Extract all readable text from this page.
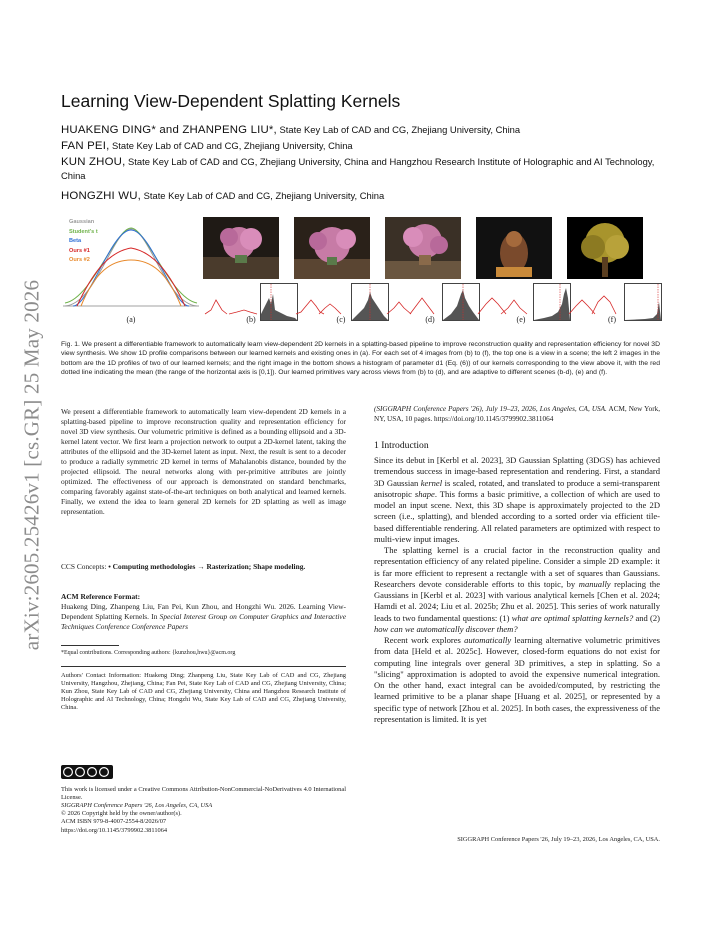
arXiv:2605.25426v1 [cs.GR] 25 May 2026
Learning View-Dependent Splatting Kernels
HUAKENG DING* and ZHANPENG LIU*, State Key Lab of CAD and CG, Zhejiang University, China
FAN PEI, State Key Lab of CAD and CG, Zhejiang University, China
KUN ZHOU, State Key Lab of CAD and CG, Zhejiang University, China and Hangzhou Research Institute of Holographic and AI Technology, China
HONGZHI WU, State Key Lab of CAD and CG, Zhejiang University, China
Gaussian
Student's t
Beta
Ours #1
Ours #2
(a)	(b)	(c)	(d)	(e)	(f)
Fig. 1. We present a differentiable framework to automatically learn view-dependent 2D kernels in a splatting-based pipeline to improve reconstruction quality and representation efficiency for novel 3D view synthesis. We show 1D profile comparisons between our learned kernels and existing ones in (a). For each set of 4 images from (b) to (f), the top one is a view in a scene; the left 2 images in the bottom are the 1D profiles of two of our learned kernels; and the right image in the bottom shows a histogram of parameter d1 (Eq. (6)) of our kernels corresponding to the view above it, with the red dotted line indicating the mean (the range of the horizontal axis is [0,1]). Our learned primitives vary across views from (b) to (d), and are adaptive to different scenes (b-d), (e) and (f).
We present a differentiable framework to automatically learn view-dependent 2D kernels in a splatting-based pipeline to improve reconstruction quality and representation efficiency for novel 3D view synthesis. Our volumetric primitive is defined as a bounding ellipsoid and a 3D-kernel latent vector. We first learn a projection network to output a 2D-kernel latent, taking the attributes of the ellipsoid and the 3D-kernel latent as input. Next, the result is sent to a decoder to produce a radially symmetric 2D kernel in terms of Mahalanobis distance, bounded by the projected ellipsoid. The neural networks along with per-primitive attributes are jointly optimized. The effectiveness of our approach is demonstrated on standard benchmarks, comparing favorably against state-of-the-art techniques on both analytical and learned kernels. Finally, we extend the idea to learn general 2D kernels for 2D splatting as well as image representation.
CCS Concepts: • Computing methodologies → Rasterization; Shape modeling.
ACM Reference Format:
Huakeng Ding, Zhanpeng Liu, Fan Pei, Kun Zhou, and Hongzhi Wu. 2026. Learning View-Dependent Splatting Kernels. In Special Interest Group on Computer Graphics and Interactive Techniques Conference Conference Papers
*Equal contributions. Corresponding authors: {kunzhou,hwu}@acm.org
Authors' Contact Information: Huakeng Ding; Zhanpeng Liu, State Key Lab of CAD and CG, Zhejiang University, Hangzhou, Zhejiang, China; Fan Pei, State Key Lab of CAD and CG, Zhejiang University, China; Kun Zhou, State Key Lab of CAD and CG, Zhejiang University, China and Hangzhou Research Institute of Holographic and AI Technology, China; Hongzhi Wu, State Key Lab of CAD and CG, Zhejiang University, China.
This work is licensed under a Creative Commons Attribution-NonCommercial-NoDerivatives 4.0 International License.
SIGGRAPH Conference Papers '26, Los Angeles, CA, USA
© 2026 Copyright held by the owner/author(s).
ACM ISBN 979-8-4007-2554-8/2026/07
https://doi.org/10.1145/3799902.3811064
(SIGGRAPH Conference Papers '26), July 19–23, 2026, Los Angeles, CA, USA. ACM, New York, NY, USA, 10 pages. https://doi.org/10.1145/3799902.3811064
1 Introduction

Since its debut in [Kerbl et al. 2023], 3D Gaussian Splatting (3DGS) has achieved tremendous success in image-based representation and rendering. First, a standard 3D Gaussian kernel is scaled, rotated, and translated to produce a semi-transparent anisotropic shape. This forms a basic primitive, a collection of which are used to model an input scene. Next, this 3D shape is approximately projected to the 2D screen (i.e., splatting), and blended according to a sorted order via efficient tile-based differentiable rendering. All related parameters are optimized with respect to multi-view input images.

The splatting kernel is a crucial factor in the reconstruction quality and representation efficiency of any related pipeline. Consider a simple 2D example: it is far more efficient to represent a rectangle with a set of squares than Gaussians. Researchers devote considerable efforts to this topic, by manually replacing the Gaussians in [Kerbl et al. 2023] with various analytical kernels [Chen et al. 2024; Hamdi et al. 2024; Liu et al. 2025b; Zhu et al. 2025]. This series of work naturally leads to two fundamental questions: (1) what are optimal splatting kernels? and (2) how can we automatically discover them?

Recent work explores automatically learning alternative volumetric primitives from data [Held et al. 2025c]. However, closed-form equations do not exist for computing line integrals over general 3D primitives, a step in splatting. So a "slicing" approximation is adopted to avoid the expensive numerical integration. On the other hand, exact integral can be avoided/computed, by restricting the learned primitive to be a planar shape [Huang et al. 2025], or represented by a specific type of network [Zhou et al. 2025]. In both cases, the expressiveness of the representation is limited. It is yet

SIGGRAPH Conference Papers '26, July 19–23, 2026, Los Angeles, CA, USA.
